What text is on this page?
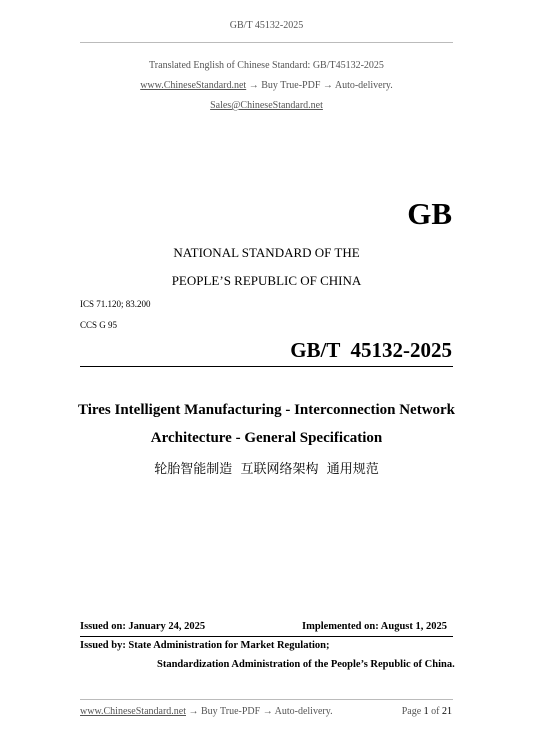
GB/T 45132-2025
Translated English of Chinese Standard: GB/T45132-2025
www.ChineseStandard.net → Buy True-PDF → Auto-delivery.
Sales@ChineseStandard.net
GB
NATIONAL STANDARD OF THE
PEOPLE’S REPUBLIC OF CHINA
ICS 71.120; 83.200
CCS G 95
GB/T  45132-2025
Tires Intelligent Manufacturing - Interconnection Network
Architecture - General Specification
轮胎智能制造  互联网络架构  通用规范
Issued on: January 24, 2025	Implemented on: August 1, 2025
Issued by: State Administration for Market Regulation;
Standardization Administration of the People’s Republic of China.
www.ChineseStandard.net → Buy True-PDF → Auto-delivery.	Page 1 of 21
